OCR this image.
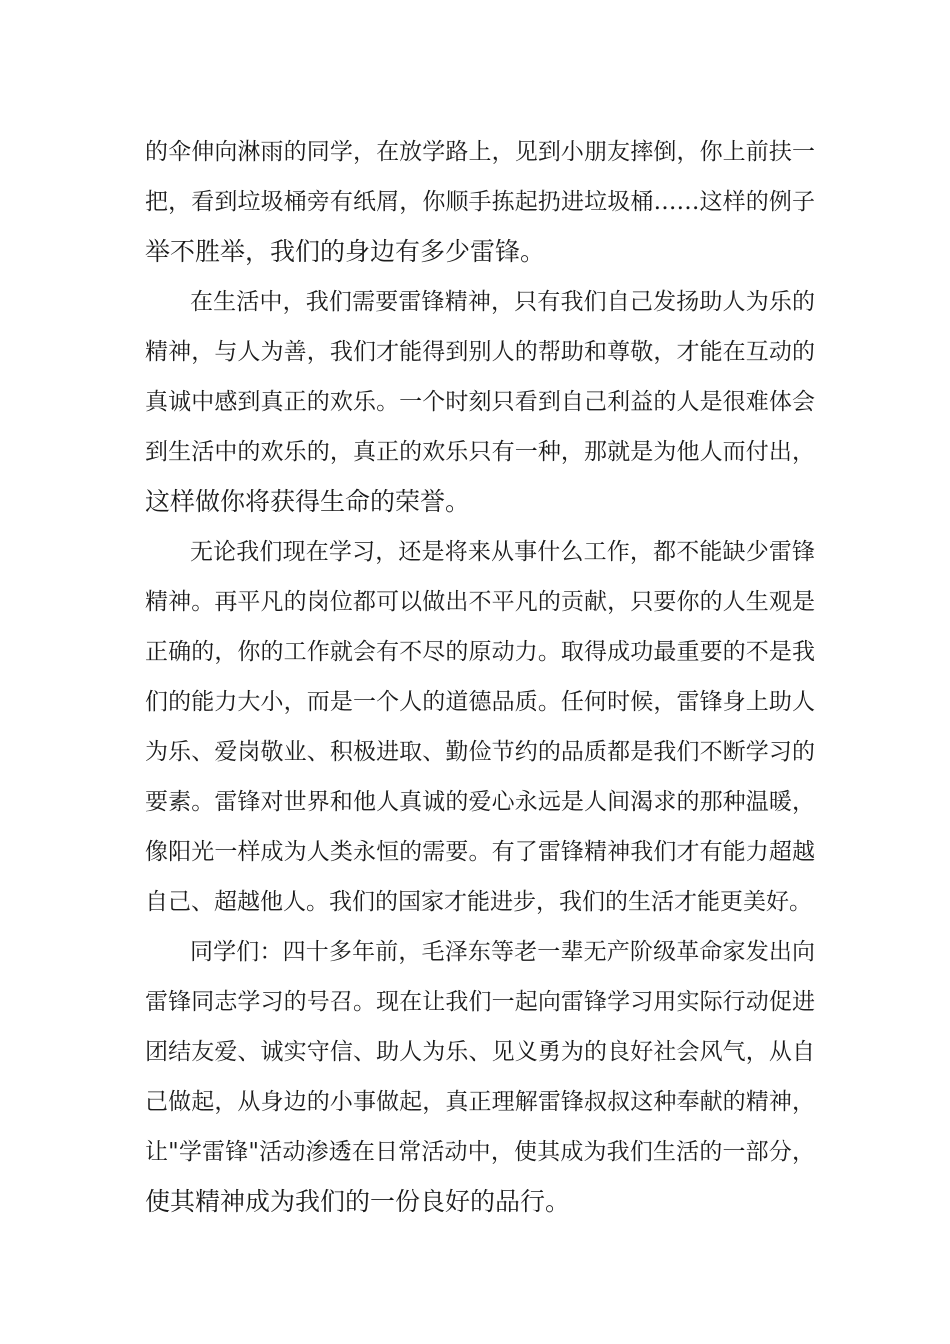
的伞伸向淋雨的同学，在放学路上，见到小朋友摔倒，你上前扶一
把，看到垃圾桶旁有纸屑，你顺手拣起扔进垃圾桶……这样的例子
举不胜举，我们的身边有多少雷锋。
在生活中，我们需要雷锋精神，只有我们自己发扬助人为乐的
精神，与人为善，我们才能得到别人的帮助和尊敬，才能在互动的
真诚中感到真正的欢乐。一个时刻只看到自己利益的人是很难体会
到生活中的欢乐的，真正的欢乐只有一种，那就是为他人而付出，
这样做你将获得生命的荣誉。
无论我们现在学习，还是将来从事什么工作，都不能缺少雷锋
精神。再平凡的岗位都可以做出不平凡的贡献，只要你的人生观是
正确的，你的工作就会有不尽的原动力。取得成功最重要的不是我
们的能力大小，而是一个人的道德品质。任何时候，雷锋身上助人
为乐、爱岗敬业、积极进取、勤俭节约的品质都是我们不断学习的
要素。雷锋对世界和他人真诚的爱心永远是人间渴求的那种温暖，
像阳光一样成为人类永恒的需要。有了雷锋精神我们才有能力超越
自己、超越他人。我们的国家才能进步，我们的生活才能更美好。
同学们：四十多年前，毛泽东等老一辈无产阶级革命家发出向
雷锋同志学习的号召。现在让我们一起向雷锋学习用实际行动促进
团结友爱、诚实守信、助人为乐、见义勇为的良好社会风气，从自
己做起，从身边的小事做起，真正理解雷锋叔叔这种奉献的精神，
让"学雷锋"活动渗透在日常活动中，使其成为我们生活的一部分，
使其精神成为我们的一份良好的品行。
